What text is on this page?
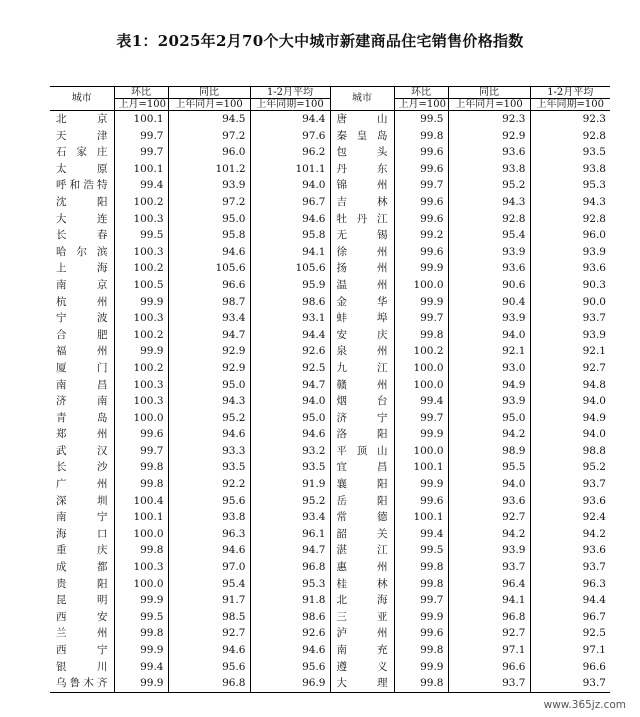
表1：2025年2月70个大中城市新建商品住宅销售价格指数
城市	环比	同比	1-2月平均	城市	环比	同比	1-2月平均
	上月=100	上年同月=100	上年同期=100		上月=100	上年同月=100	上年同期=100
北京	100.1	94.5	94.4	唐山	99.5	92.3	92.3
天津	99.7	97.2	97.6	秦皇岛	99.8	92.9	92.8
石家庄	99.7	96.0	96.2	包头	99.6	93.6	93.5
太原	100.1	101.2	101.1	丹东	99.6	93.8	93.8
呼和浩特	99.4	93.9	94.0	锦州	99.7	95.2	95.3
沈阳	100.2	97.2	96.7	吉林	99.6	94.3	94.3
大连	100.3	95.0	94.6	牡丹江	99.6	92.8	92.8
长春	99.5	95.8	95.8	无锡	99.2	95.4	96.0
哈尔滨	100.3	94.6	94.1	徐州	99.6	93.9	93.9
上海	100.2	105.6	105.6	扬州	99.9	93.6	93.6
南京	100.5	96.6	95.9	温州	100.0	90.6	90.3
杭州	99.9	98.7	98.6	金华	99.9	90.4	90.0
宁波	100.3	93.4	93.1	蚌埠	99.7	93.9	93.7
合肥	100.2	94.7	94.4	安庆	99.8	94.0	93.9
福州	99.9	92.9	92.6	泉州	100.2	92.1	92.1
厦门	100.2	92.9	92.5	九江	100.0	93.0	92.7
南昌	100.3	95.0	94.7	赣州	100.0	94.9	94.8
济南	100.3	94.3	94.0	烟台	99.4	93.9	94.0
青岛	100.0	95.2	95.0	济宁	99.7	95.0	94.9
郑州	99.6	94.6	94.6	洛阳	99.9	94.2	94.0
武汉	99.7	93.3	93.2	平顶山	100.0	98.9	98.8
长沙	99.8	93.5	93.5	宜昌	100.1	95.5	95.2
广州	99.8	92.2	91.9	襄阳	99.9	94.0	93.7
深圳	100.4	95.6	95.2	岳阳	99.6	93.6	93.6
南宁	100.1	93.8	93.4	常德	100.1	92.7	92.4
海口	100.0	96.3	96.1	韶关	99.4	94.2	94.2
重庆	99.8	94.6	94.7	湛江	99.5	93.9	93.6
成都	100.3	97.0	96.8	惠州	99.8	93.7	93.7
贵阳	100.0	95.4	95.3	桂林	99.8	96.4	96.3
昆明	99.9	91.7	91.8	北海	99.7	94.1	94.4
西安	99.5	98.5	98.6	三亚	99.9	96.8	96.7
兰州	99.8	92.7	92.6	泸州	99.6	92.7	92.5
西宁	99.9	94.6	94.6	南充	99.8	97.1	97.1
银川	99.4	95.6	95.6	遵义	99.9	96.6	96.6
乌鲁木齐	99.9	96.8	96.9	大理	99.8	93.7	93.7
www.365jz.com
